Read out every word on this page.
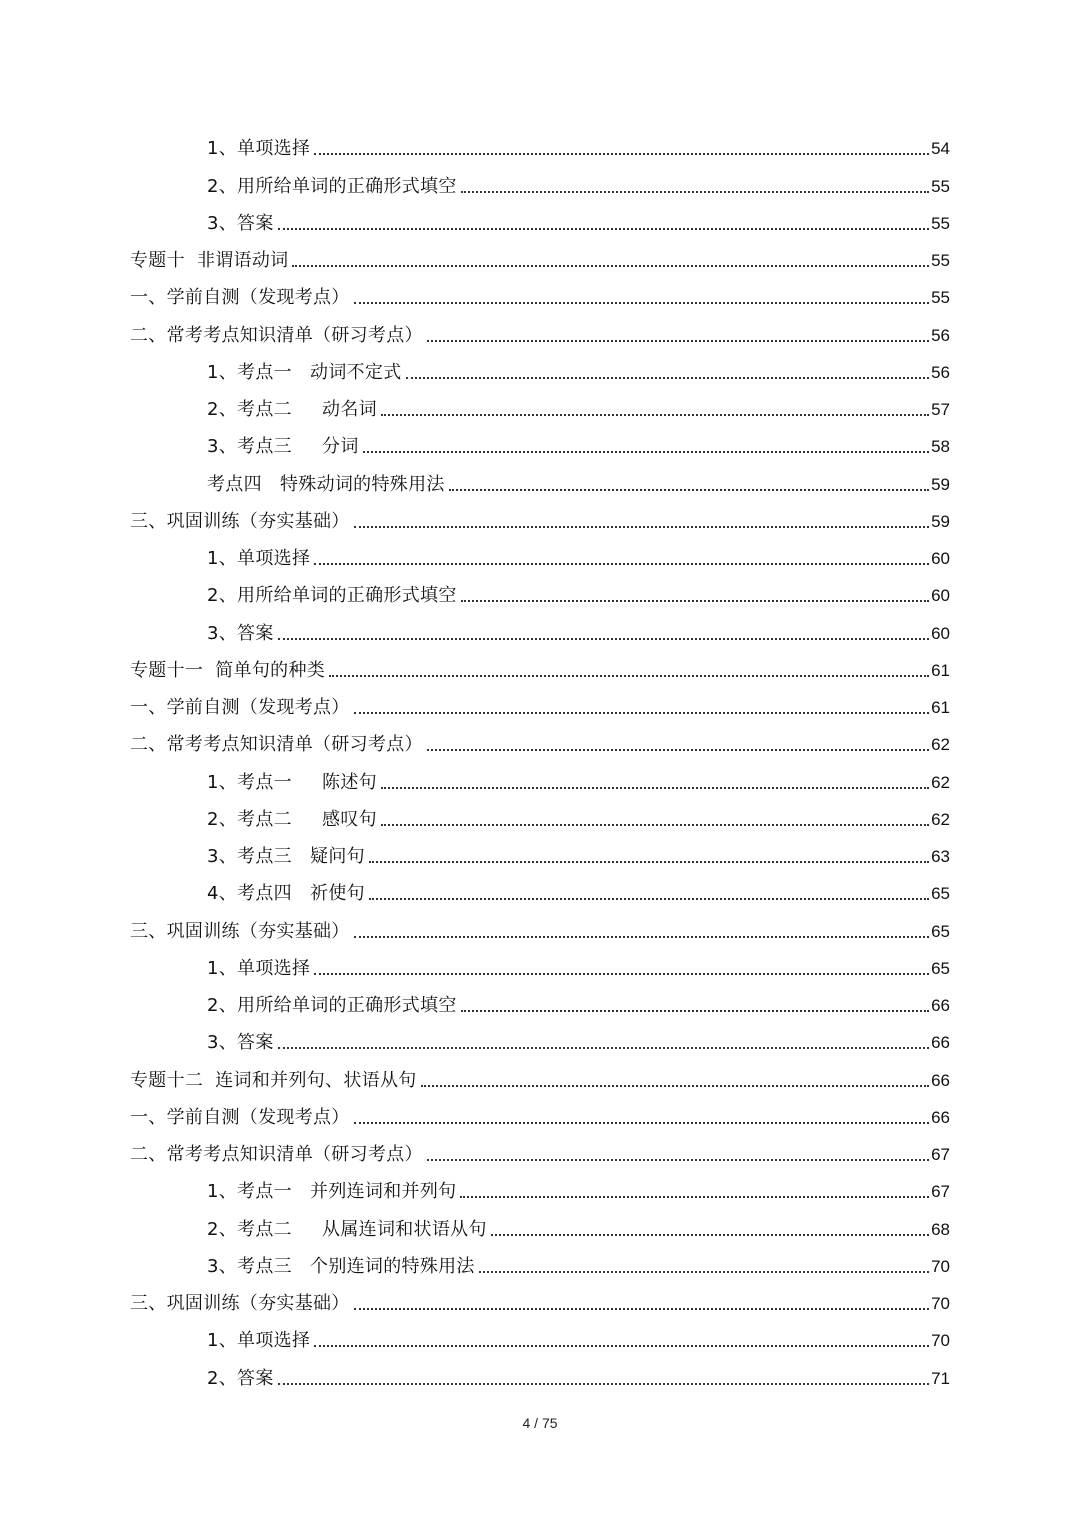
1、单项选择	54
2、用所给单词的正确形式填空	55
3、答案	55
专题十  非谓语动词	55
一、学前自测（发现考点）	55
二、常考考点知识清单（研习考点）	56
1、考点一   动词不定式	56
2、考点二     动名词	57
3、考点三     分词	58
考点四   特殊动词的特殊用法	59
三、巩固训练（夯实基础）	59
1、单项选择	60
2、用所给单词的正确形式填空	60
3、答案	60
专题十一  简单句的种类	61
一、学前自测（发现考点）	61
二、常考考点知识清单（研习考点）	62
1、考点一     陈述句	62
2、考点二     感叹句	62
3、考点三   疑问句	63
4、考点四   祈使句	65
三、巩固训练（夯实基础）	65
1、单项选择	65
2、用所给单词的正确形式填空	66
3、答案	66
专题十二  连词和并列句、状语从句	66
一、学前自测（发现考点）	66
二、常考考点知识清单（研习考点）	67
1、考点一   并列连词和并列句	67
2、考点二     从属连词和状语从句	68
3、考点三   个别连词的特殊用法	70
三、巩固训练（夯实基础）	70
1、单项选择	70
2、答案	71
4 / 75
